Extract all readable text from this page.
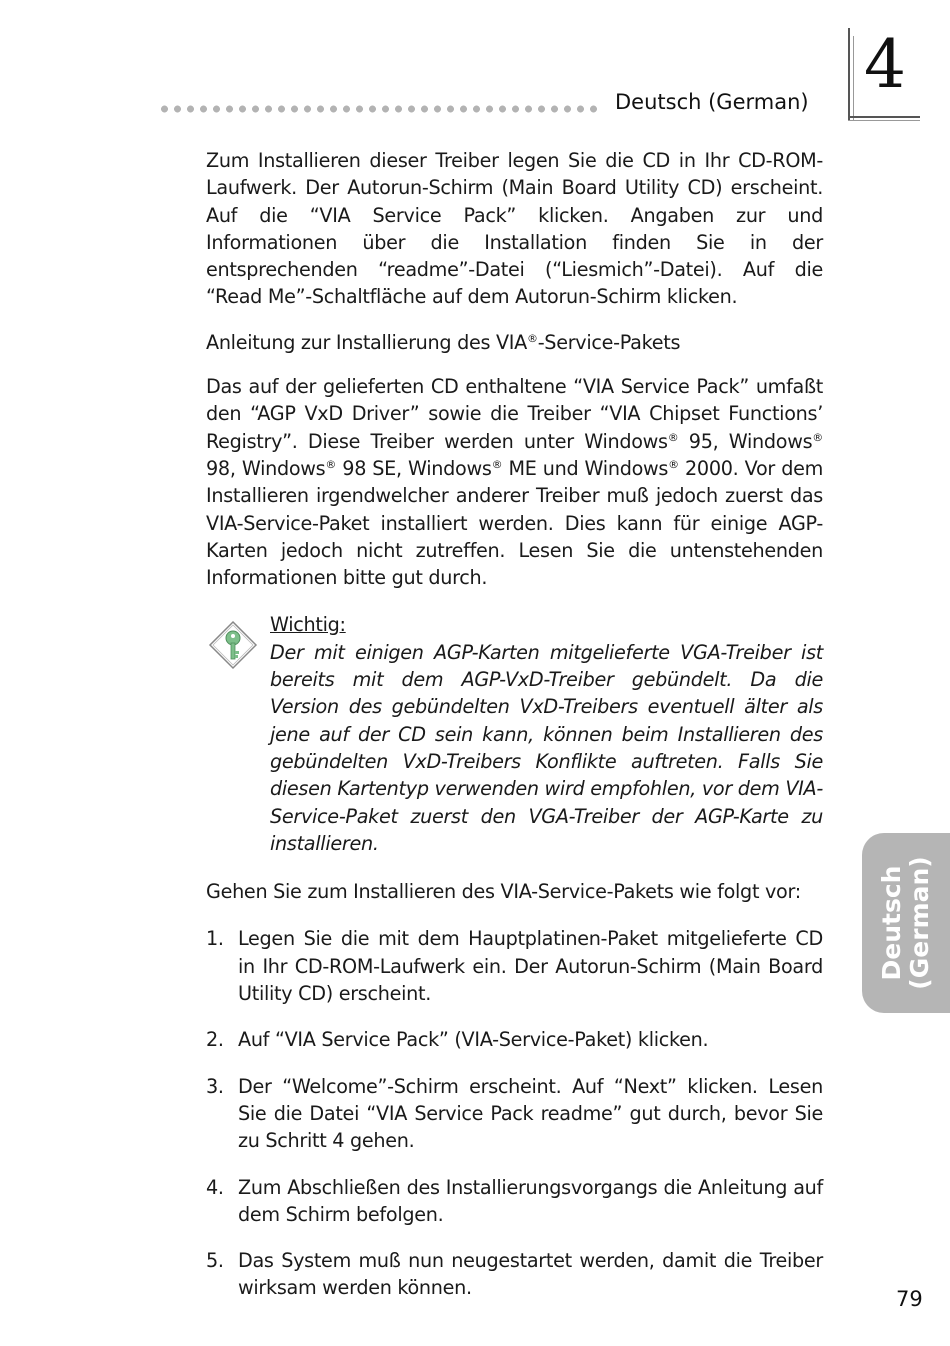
Deutsch (German) 4
Deutsch (German)

Zum Installieren dieser Treiber legen Sie die CD in Ihr CD-ROM-Laufwerk. Der Autorun-Schirm (Main Board Utility CD) erscheint. Auf die “VIA Service Pack” klicken. Angaben zur und Informationen über die Installation finden Sie in der entsprechenden “readme”-Datei (“Liesmich”-Datei). Auf die “Read Me”-Schaltfläche auf dem Autorun-Schirm klicken.

Anleitung zur Installierung des VIA®-Service-Pakets

Das auf der gelieferten CD enthaltene “VIA Service Pack” umfaßt den “AGP VxD Driver” sowie die Treiber “VIA Chipset Functions’ Registry”. Diese Treiber werden unter Windows® 95, Windows® 98, Windows® 98 SE, Windows® ME und Windows® 2000. Vor dem Installieren irgendwelcher anderer Treiber muß jedoch zuerst das VIA-Service-Paket installiert werden. Dies kann für einige AGP-Karten jedoch nicht zutreffen. Lesen Sie die untenstehenden Informationen bitte gut durch.

Wichtig:

Der mit einigen AGP-Karten mitgelieferte VGA-Treiber ist bereits mit dem AGP-VxD-Treiber gebündelt. Da die Version des gebündelten VxD-Treibers eventuell älter als jene auf der CD sein kann, können beim Installieren des gebündelten VxD-Treibers Konflikte auftreten. Falls Sie diesen Kartentyp verwenden wird empfohlen, vor dem VIA-Service-Paket zuerst den VGA-Treiber der AGP-Karte zu installieren.

Gehen Sie zum Installieren des VIA-Service-Pakets wie folgt vor:

1. Legen Sie die mit dem Hauptplatinen-Paket mitgelieferte CD in Ihr CD-ROM-Laufwerk ein. Der Autorun-Schirm (Main Board Utility CD) erscheint.
2. Auf “VIA Service Pack” (VIA-Service-Paket) klicken.
3. Der “Welcome”-Schirm erscheint. Auf “Next” klicken. Lesen Sie die Datei “VIA Service Pack readme” gut durch, bevor Sie zu Schritt 4 gehen.
4. Zum Abschließen des Installierungsvorgangs die Anleitung auf dem Schirm befolgen.
5. Das System muß nun neugestartet werden, damit die Treiber wirksam werden können.	79
